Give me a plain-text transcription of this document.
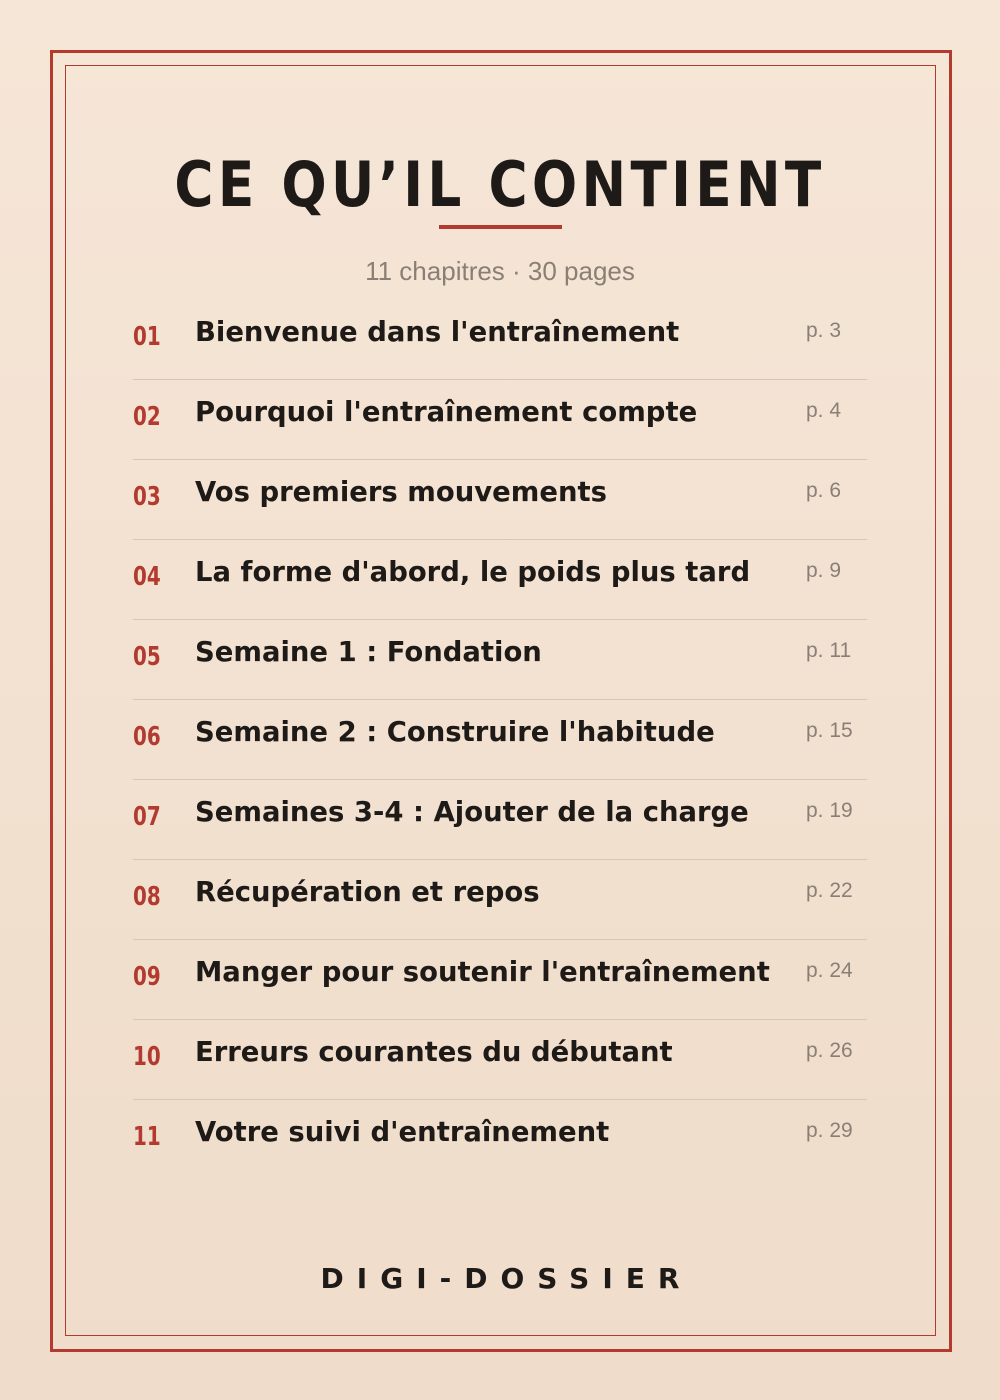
CE QU’IL CONTIENT
11 chapitres · 30 pages
01 Bienvenue dans l'entraînement	p. 3
02 Pourquoi l'entraînement compte	p. 4
03 Vos premiers mouvements	p. 6
04 La forme d'abord, le poids plus tard	p. 9
05 Semaine 1 : Fondation	p. 11
06 Semaine 2 : Construire l'habitude	p. 15
07 Semaines 3-4 : Ajouter de la charge	p. 19
08 Récupération et repos	p. 22
09 Manger pour soutenir l'entraînement p. 24
10 Erreurs courantes du débutant	p. 26
11 Votre suivi d'entraînement	p. 29
DIGI-DOSSIER
